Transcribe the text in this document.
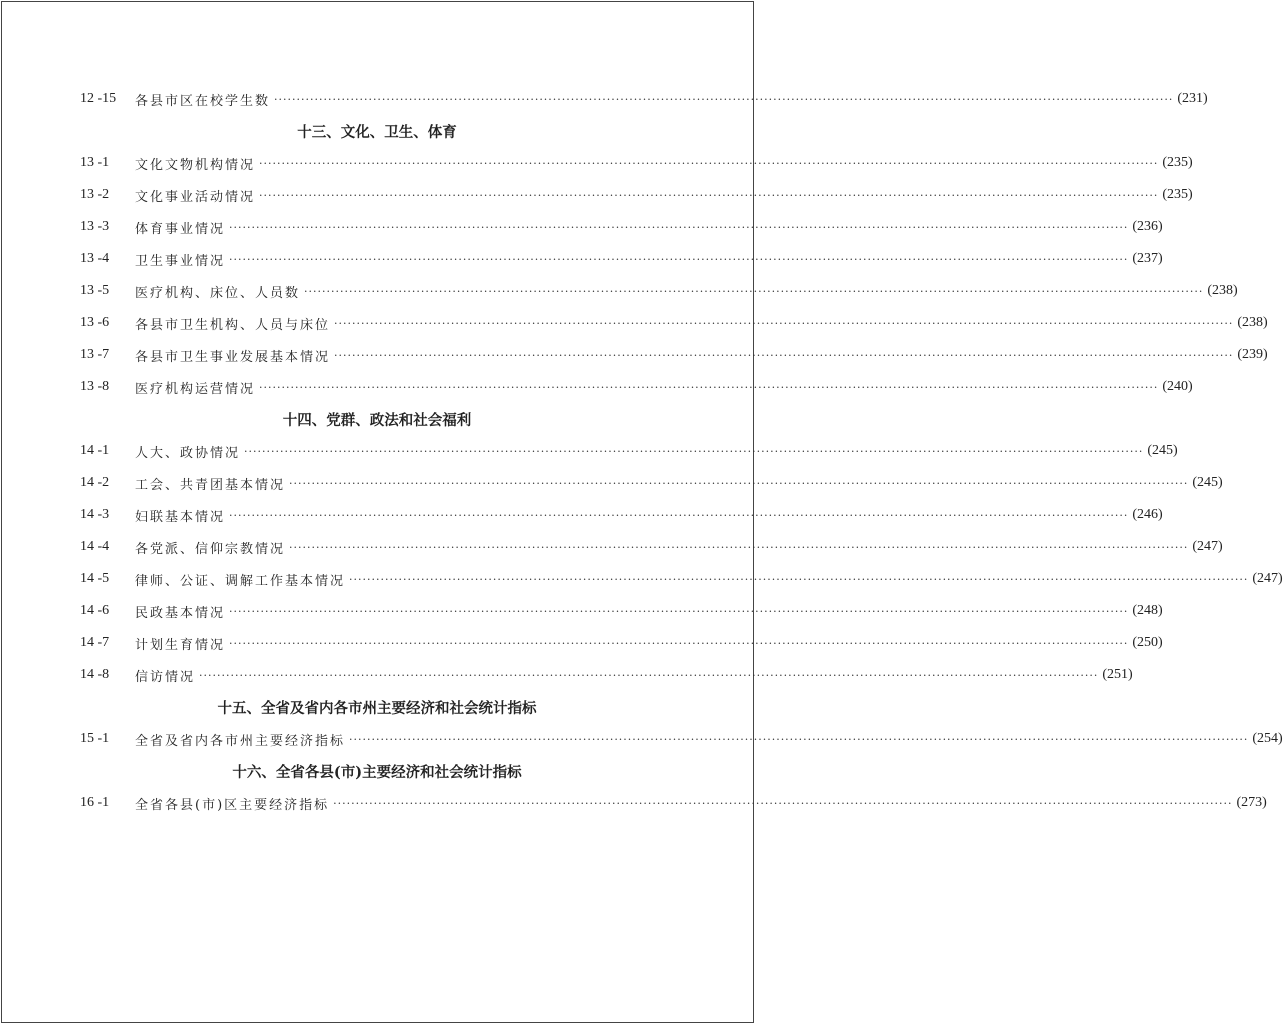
12 -15	各县市区在校学生数 ········································································································································································································ (231)
十三、文化、卫生、体育
13 -1	文化文物机构情况 ········································································································································································································ (235)
13 -2	文化事业活动情况 ········································································································································································································ (235)
13 -3	体育事业情况 ········································································································································································································ (236)
13 -4	卫生事业情况 ········································································································································································································ (237)
13 -5	医疗机构、床位、人员数 ········································································································································································································ (238)
13 -6	各县市卫生机构、人员与床位 ········································································································································································································ (238)
13 -7	各县市卫生事业发展基本情况 ········································································································································································································ (239)
13 -8	医疗机构运营情况 ········································································································································································································ (240)
十四、党群、政法和社会福利
14 -1	人大、政协情况 ········································································································································································································ (245)
14 -2	工会、共青团基本情况 ········································································································································································································ (245)
14 -3	妇联基本情况 ········································································································································································································ (246)
14 -4	各党派、信仰宗教情况 ········································································································································································································ (247)
14 -5	律师、公证、调解工作基本情况 ········································································································································································································ (247)
14 -6	民政基本情况 ········································································································································································································ (248)
14 -7	计划生育情况 ········································································································································································································ (250)
14 -8	信访情况 ········································································································································································································ (251)
十五、全省及省内各市州主要经济和社会统计指标
15 -1	全省及省内各市州主要经济指标 ········································································································································································································ (254)
十六、全省各县(市)主要经济和社会统计指标
16 -1	全省各县(市)区主要经济指标 ········································································································································································································ (273)
